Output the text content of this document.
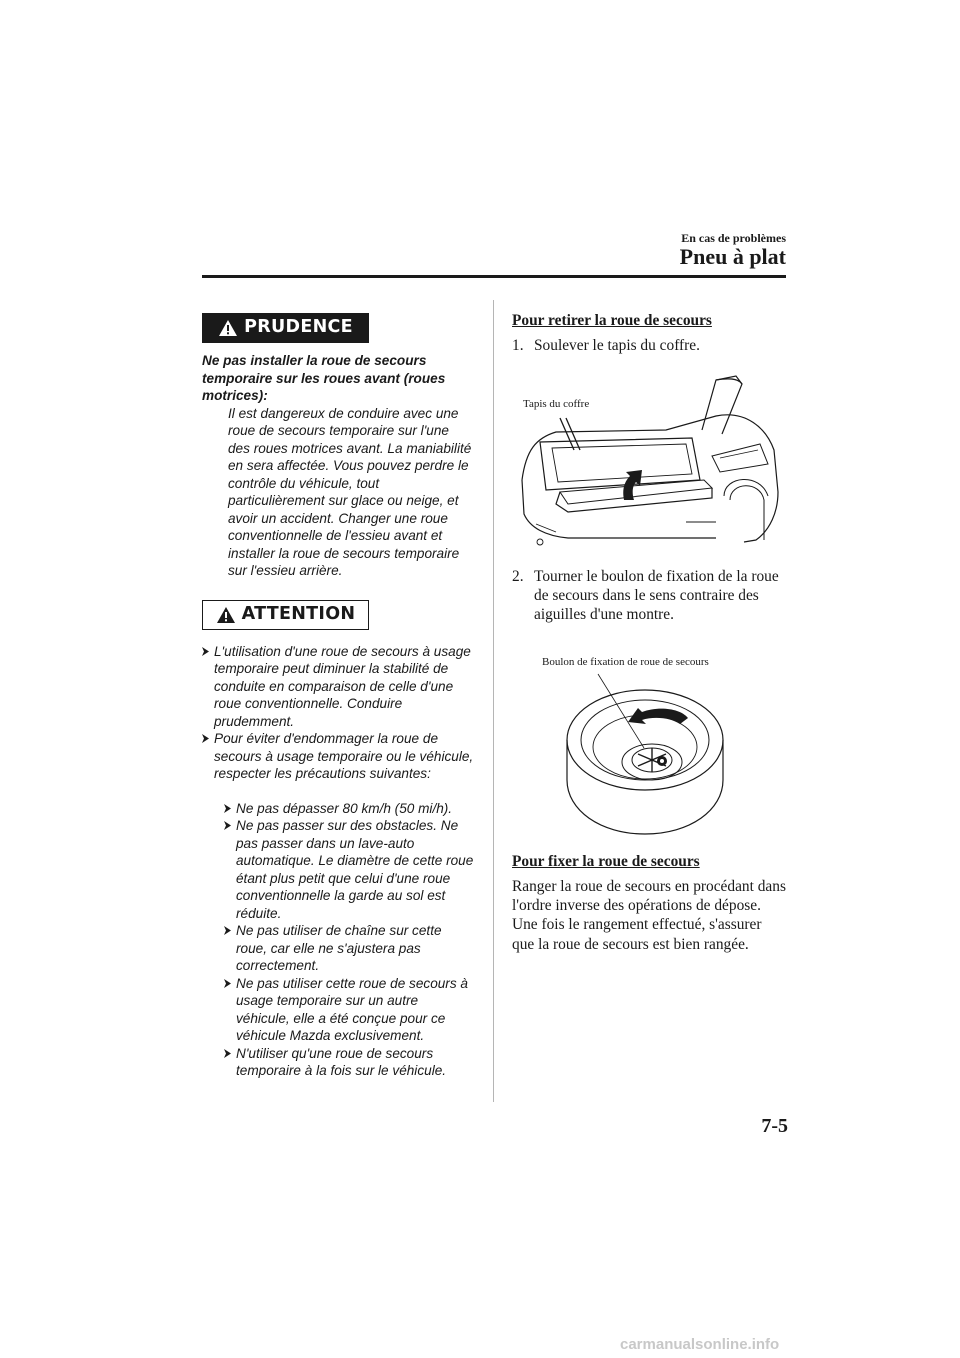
En cas de problèmes
Pneu à plat
PRUDENCE
Ne pas installer la roue de secours temporaire sur les roues avant (roues motrices):
Il est dangereux de conduire avec une roue de secours temporaire sur l'une des roues motrices avant. La maniabilité en sera affectée. Vous pouvez perdre le contrôle du véhicule, tout particulièrement sur glace ou neige, et avoir un accident. Changer une roue conventionnelle de l'essieu avant et installer la roue de secours temporaire sur l'essieu arrière.
ATTENTION
L'utilisation d'une roue de secours à usage temporaire peut diminuer la stabilité de conduite en comparaison de celle d'une roue conventionnelle. Conduire prudemment.
Pour éviter d'endommager la roue de secours à usage temporaire ou le véhicule, respecter les précautions suivantes:
Ne pas dépasser 80 km/h (50 mi/h).
Ne pas passer sur des obstacles. Ne pas passer dans un lave-auto automatique. Le diamètre de cette roue étant plus petit que celui d'une roue conventionnelle la garde au sol est réduite.
Ne pas utiliser de chaîne sur cette roue, car elle ne s'ajustera pas correctement.
Ne pas utiliser cette roue de secours à usage temporaire sur un autre véhicule, elle a été conçue pour ce véhicule Mazda exclusivement.
N'utiliser qu'une roue de secours temporaire à la fois sur le véhicule.
Pour retirer la roue de secours
1. Soulever le tapis du coffre.
2. Tourner le boulon de fixation de la roue de secours dans le sens contraire des aiguilles d'une montre.
Pour fixer la roue de secours
Ranger la roue de secours en procédant dans l'ordre inverse des opérations de dépose. Une fois le rangement effectué, s'assurer que la roue de secours est bien rangée.
Tapis du coffre
Boulon de fixation de roue de secours
7-5
carmanualsonline.info
